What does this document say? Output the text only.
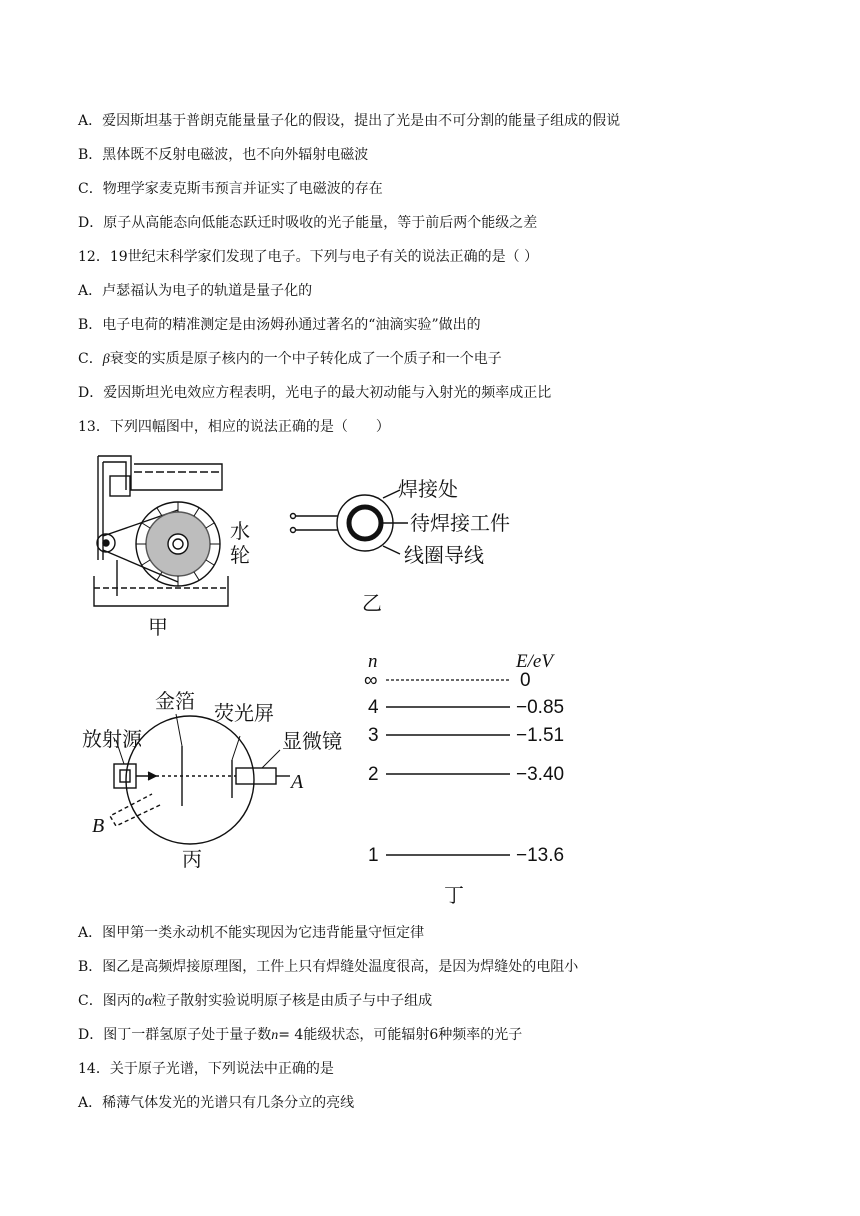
A．爱因斯坦基于普朗克能量量子化的假设，提出了光是由不可分割的能量子组成的假说
B．黑体既不反射电磁波，也不向外辐射电磁波
C．物理学家麦克斯韦预言并证实了电磁波的存在
D．原子从高能态向低能态跃迁时吸收的光子能量，等于前后两个能级之差
12．19世纪末科学家们发现了电子。下列与电子有关的说法正确的是（ ）
A．卢瑟福认为电子的轨道是量子化的
B．电子电荷的精准测定是由汤姆孙通过著名的“油滴实验”做出的
C．β衰变的实质是原子核内的一个中子转化成了一个质子和一个电子
D．爱因斯坦光电效应方程表明，光电子的最大初动能与入射光的频率成正比
13．下列四幅图中，相应的说法正确的是（　　）
水
轮
甲
焊接处
待焊接工件
线圈导线
乙
金箔 荧光屏
放射源	显微镜
A
B
丙
n	E/eV
∞	0
4	−0.85
3	−1.51
2	−3.40
1	−13.6
丁
A．图甲第一类永动机不能实现因为它违背能量守恒定律
B．图乙是高频焊接原理图，工件上只有焊缝处温度很高，是因为焊缝处的电阻小
C．图丙的α粒子散射实验说明原子核是由质子与中子组成
D．图丁一群氢原子处于量子数n= 4能级状态，可能辐射6种频率的光子
14．关于原子光谱，下列说法中正确的是
A．稀薄气体发光的光谱只有几条分立的亮线
